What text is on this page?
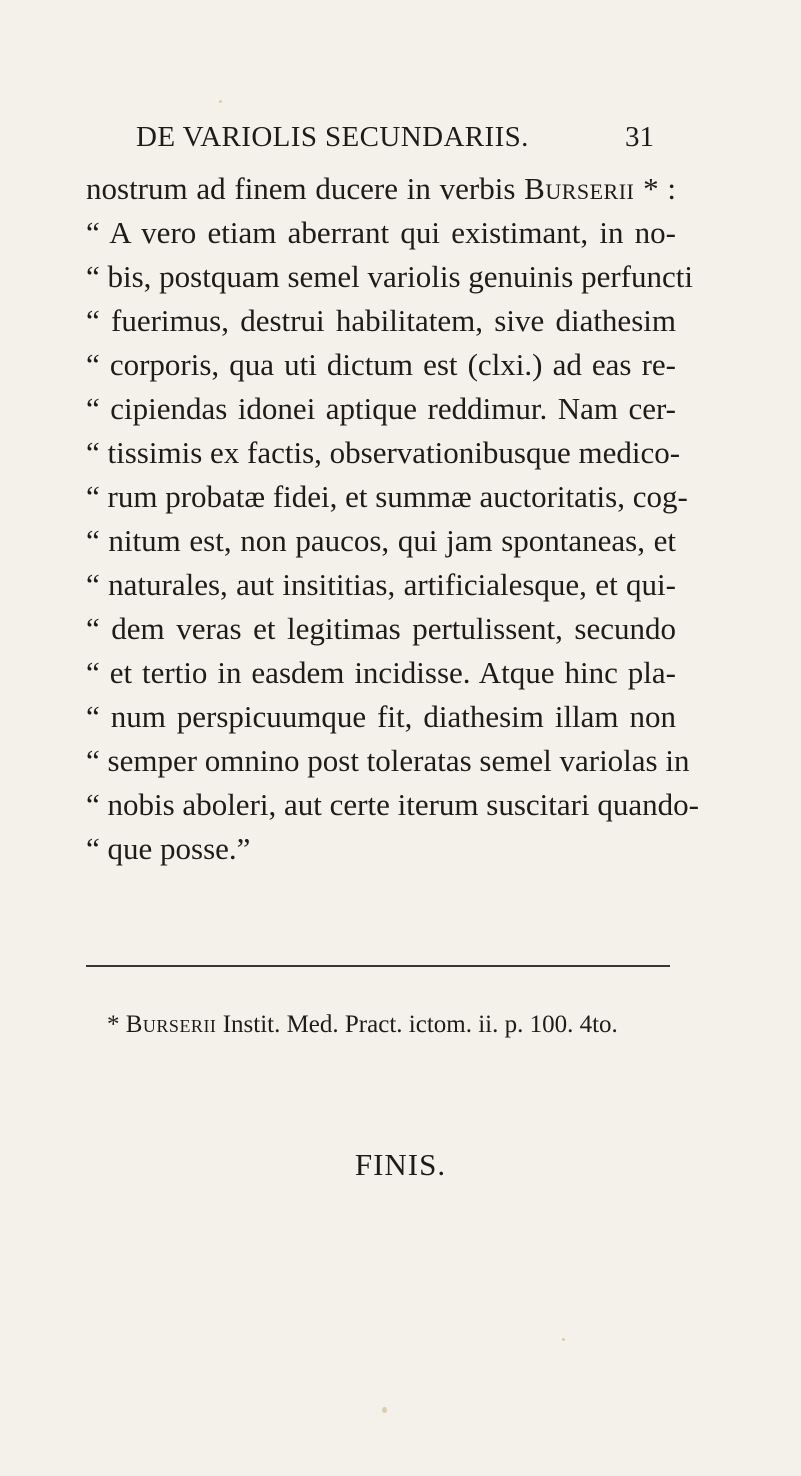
DE VARIOLIS SECUNDARIIS.	31
nostrum ad finem ducere in verbis Burserii * :
“ A vero etiam aberrant qui existimant, in no-
“ bis, postquam semel variolis genuinis perfuncti
“ fuerimus, destrui habilitatem, sive diathesim
“ corporis, qua uti dictum est (clxi.) ad eas re-
“ cipiendas idonei aptique reddimur. Nam cer-
“ tissimis ex factis, observationibusque medico-
“ rum probatæ fidei, et summæ auctoritatis, cog-
“ nitum est, non paucos, qui jam spontaneas, et
“ naturales, aut insititias, artificialesque, et qui-
“ dem veras et legitimas pertulissent, secundo
“ et tertio in easdem incidisse. Atque hinc pla-
“ num perspicuumque fit, diathesim illam non
“ semper omnino post toleratas semel variolas in
“ nobis aboleri, aut certe iterum suscitari quando-
“ que posse.”
* Burserii Instit. Med. Pract. ictom. ii. p. 100. 4to.
FINIS.
